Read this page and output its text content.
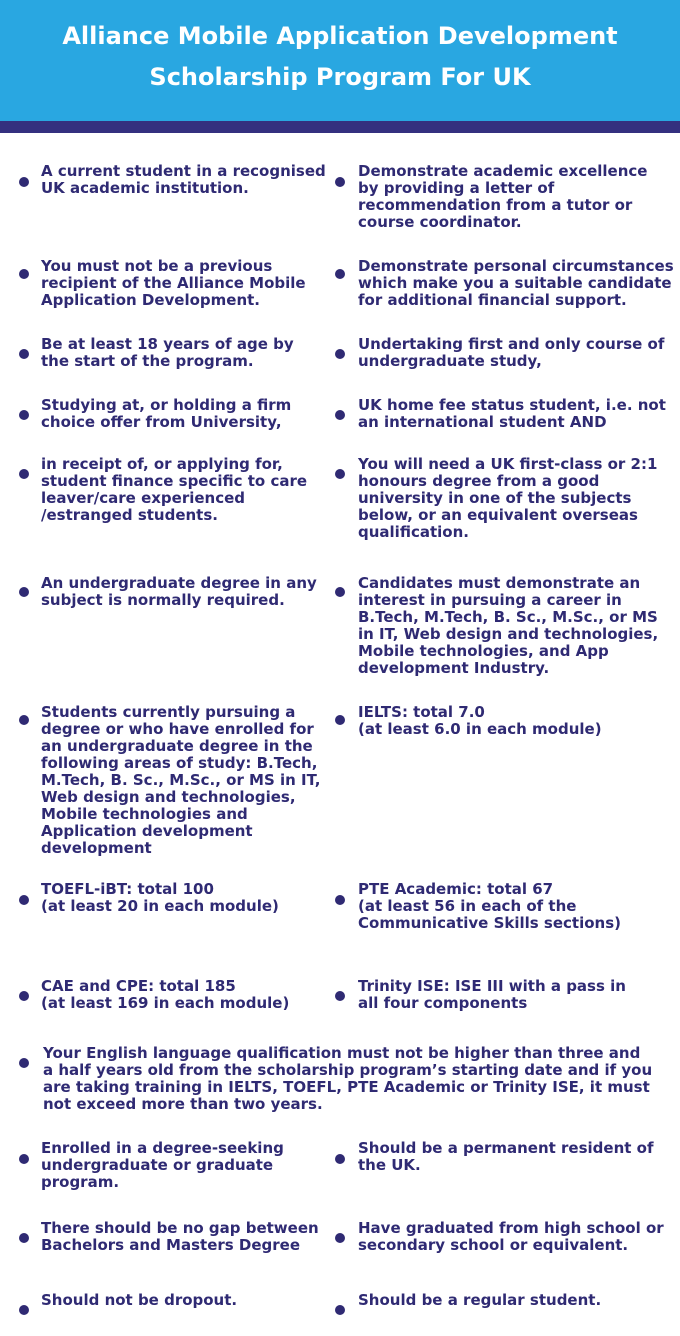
Alliance Mobile Application Development
Scholarship Program For UK
A current student in a recognised
UK academic institution.
Demonstrate academic excellence
by providing a letter of
recommendation from a tutor or
course coordinator.
You must not be a previous
recipient of the Alliance Mobile
Application Development.
Demonstrate personal circumstances
which make you a suitable candidate
for additional financial support.
Be at least 18 years of age by
the start of the program.
Undertaking first and only course of
undergraduate study,
Studying at, or holding a firm
choice offer from University,
UK home fee status student, i.e. not
an international student AND
in receipt of, or applying for,
student finance specific to care
leaver/care experienced
/estranged students.
You will need a UK first-class or 2:1
honours degree from a good
university in one of the subjects
below, or an equivalent overseas
qualification.
An undergraduate degree in any
subject is normally required.
Candidates must demonstrate an
interest in pursuing a career in
B.Tech, M.Tech, B. Sc., M.Sc., or MS
in IT, Web design and technologies,
Mobile technologies, and App
development Industry.
Students currently pursuing a
degree or who have enrolled for
an undergraduate degree in the
following areas of study: B.Tech,
M.Tech, B. Sc., M.Sc., or MS in IT,
Web design and technologies,
Mobile technologies and
Application development
development
IELTS: total 7.0
(at least 6.0 in each module)
TOEFL-iBT: total 100
(at least 20 in each module)
PTE Academic: total 67
(at least 56 in each of the
Communicative Skills sections)
CAE and CPE: total 185
(at least 169 in each module)
Trinity ISE: ISE III with a pass in
all four components
Your English language qualification must not be higher than three and
a half years old from the scholarship program’s starting date and if you
are taking training in IELTS, TOEFL, PTE Academic or Trinity ISE, it must
not exceed more than two years.
Enrolled in a degree-seeking
undergraduate or graduate
program.
Should be a permanent resident of
the UK.
There should be no gap between
Bachelors and Masters Degree
Have graduated from high school or
secondary school or equivalent.
Should not be dropout.	Should be a regular student.
